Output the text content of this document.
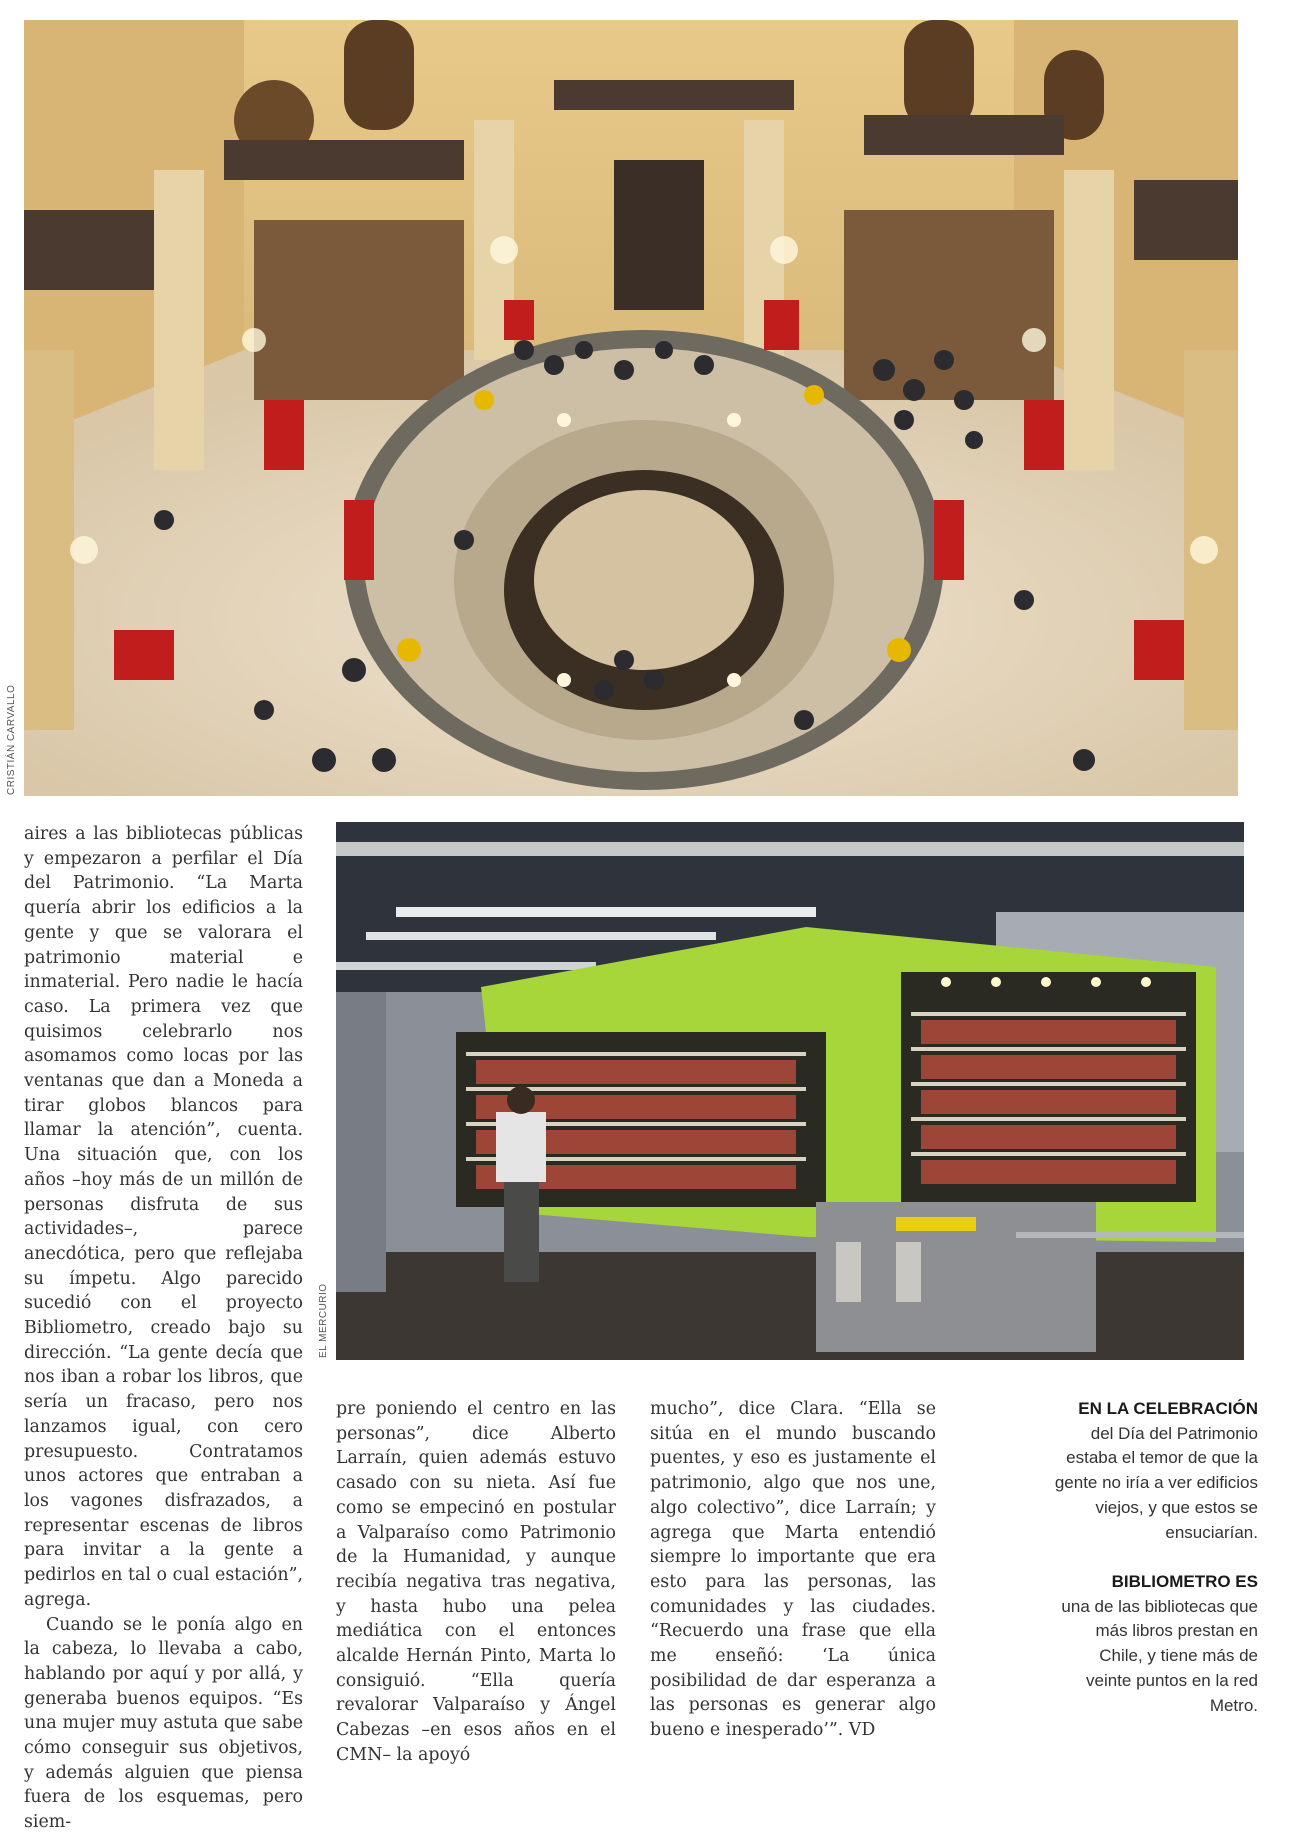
CRISTIÁN CARVALLO
EL MERCURIO

aires a las bibliotecas públicas y empezaron a perfilar el Día del Patrimonio. “La Marta quería abrir los edificios a la gente y que se valorara el patrimonio material e inmaterial. Pero nadie le hacía caso. La primera vez que quisimos celebrarlo nos asomamos como locas por las ventanas que dan a Moneda a tirar globos blancos para llamar la atención”, cuenta. Una situación que, con los años –hoy más de un millón de personas disfruta de sus actividades–, parece anecdótica, pero que reflejaba su ímpetu. Algo parecido sucedió con el proyecto Bibliometro, creado bajo su dirección. “La gente decía que nos iban a robar los libros, que sería un fracaso, pero nos lanzamos igual, con cero presupuesto. Contratamos unos actores que entraban a los vagones disfrazados, a representar escenas de libros para invitar a la gente a pedirlos en tal o cual estación”, agrega.

Cuando se le ponía algo en la cabeza, lo llevaba a cabo, hablando por aquí y por allá, y generaba buenos equipos. “Es una mujer muy astuta que sabe cómo conseguir sus objetivos, y además alguien que piensa fuera de los esquemas, pero siem-

pre poniendo el centro en las personas”, dice Alberto Larraín, quien además estuvo casado con su nieta. Así fue como se empecinó en postular a Valparaíso como Patrimonio de la Humanidad, y aunque recibía negativa tras negativa, y hasta hubo una pelea mediática con el entonces alcalde Hernán Pinto, Marta lo consiguió. “Ella quería revalorar Valparaíso y Ángel Cabezas –en esos años en el CMN– la apoyó

mucho”, dice Clara. “Ella se sitúa en el mundo buscando puentes, y eso es justamente el patrimonio, algo que nos une, algo colectivo”, dice Larraín; y agrega que Marta entendió siempre lo importante que era esto para las personas, las comunidades y las ciudades. “Recuerdo una frase que ella me enseñó: ‘La única posibilidad de dar esperanza a las personas es generar algo bueno e inesperado’”. VD

EN LA CELEBRACIÓN
del Día del Patrimonio estaba el temor de que la gente no iría a ver edificios viejos, y que estos se ensuciarían.
BIBLIOMETRO ES
una de las bibliotecas que más libros prestan en Chile, y tiene más de veinte puntos en la red Metro.
